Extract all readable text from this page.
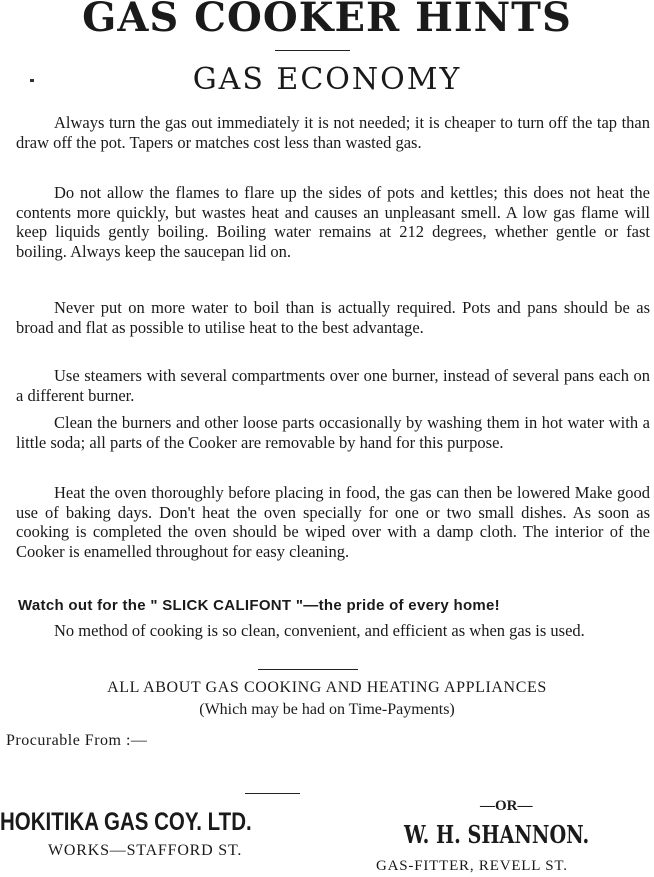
GAS COOKER HINTS
GAS ECONOMY

Always turn the gas out immediately it is not needed; it is cheaper to turn off the tap than draw off the pot. Tapers or matches cost less than wasted gas.

Do not allow the flames to flare up the sides of pots and kettles; this does not heat the contents more quickly, but wastes heat and causes an unpleasant smell. A low gas flame will keep liquids gently boiling. Boiling water remains at 212 degrees, whether gentle or fast boiling. Always keep the saucepan lid on.

Never put on more water to boil than is actually required. Pots and pans should be as broad and flat as possible to utilise heat to the best advantage.

Use steamers with several compartments over one burner, instead of several pans each on a different burner.

Clean the burners and other loose parts occasionally by washing them in hot water with a little soda; all parts of the Cooker are removable by hand for this purpose.

Heat the oven thoroughly before placing in food, the gas can then be lowered Make good use of baking days. Don't heat the oven specially for one or two small dishes. As soon as cooking is completed the oven should be wiped over with a damp cloth. The interior of the Cooker is enamelled throughout for easy cleaning.

Watch out for the " SLICK CALIFONT "—the pride of every home!

No method of cooking is so clean, convenient, and efficient as when gas is used.

ALL ABOUT GAS COOKING AND HEATING APPLIANCES
(Which may be had on Time-Payments)
Procurable From :—
HOKITIKA GAS COY. LTD.
WORKS—STAFFORD ST.
—OR—
W. H. SHANNON.
GAS-FITTER, REVELL ST.
